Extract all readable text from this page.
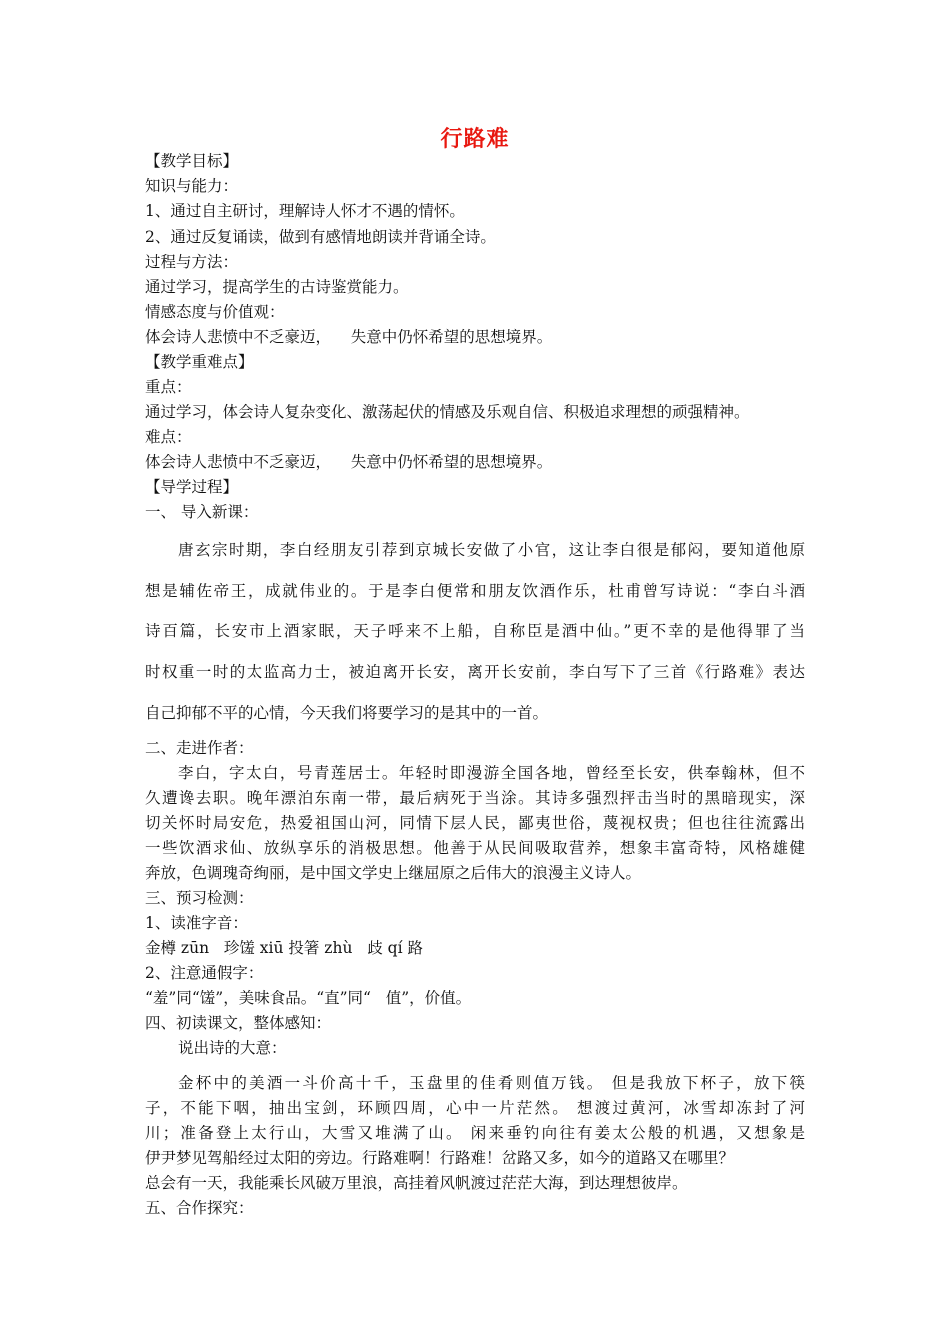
行路难
【教学目标】
知识与能力：
1、通过自主研讨，理解诗人怀才不遇的情怀。
2、通过反复诵读，做到有感情地朗读并背诵全诗。
过程与方法：
通过学习，提高学生的古诗鉴赏能力。
情感态度与价值观：
体会诗人悲愤中不乏豪迈，    失意中仍怀希望的思想境界。
【教学重难点】
重点：
通过学习，体会诗人复杂变化、激荡起伏的情感及乐观自信、积极追求理想的顽强精神。
难点：
体会诗人悲愤中不乏豪迈，    失意中仍怀希望的思想境界。
【导学过程】
一、 导入新课：
唐玄宗时期，李白经朋友引荐到京城长安做了小官，这让李白很是郁闷，要知道他原
想是辅佐帝王，成就伟业的。于是李白便常和朋友饮酒作乐，杜甫曾写诗说：“李白斗酒
诗百篇，长安市上酒家眠，天子呼来不上船，自称臣是酒中仙。”更不幸的是他得罪了当
时权重一时的太监高力士，被迫离开长安，离开长安前，李白写下了三首《行路难》表达
自己抑郁不平的心情，今天我们将要学习的是其中的一首。
二、走进作者：
李白，字太白，号青莲居士。年轻时即漫游全国各地，曾经至长安，供奉翰林，但不
久遭谗去职。晚年漂泊东南一带，最后病死于当涂。其诗多强烈抨击当时的黑暗现实，深
切关怀时局安危，热爱祖国山河，同情下层人民，鄙夷世俗，蔑视权贵；但也往往流露出
一些饮酒求仙、放纵享乐的消极思想。他善于从民间吸取营养，想象丰富奇特，风格雄健
奔放，色调瑰奇绚丽，是中国文学史上继屈原之后伟大的浪漫主义诗人。
三、预习检测：
1、读准字音：
金樽 zūn   珍馐 xiū 投箸 zhù   歧 qí 路
2、注意通假字：
“羞”同“馐”，美味食品。“直”同“   值”，价值。
四、初读课文，整体感知：
说出诗的大意：
金杯中的美酒一斗价高十千，玉盘里的佳肴则值万钱。 但是我放下杯子，放下筷
子，不能下咽，抽出宝剑，环顾四周，心中一片茫然。 想渡过黄河，冰雪却冻封了河
川；准备登上太行山，大雪又堆满了山。 闲来垂钓向往有姜太公般的机遇，又想象是
伊尹梦见驾船经过太阳的旁边。行路难啊！行路难！岔路又多，如今的道路又在哪里？
总会有一天，我能乘长风破万里浪，高挂着风帆渡过茫茫大海，到达理想彼岸。
五、合作探究：
